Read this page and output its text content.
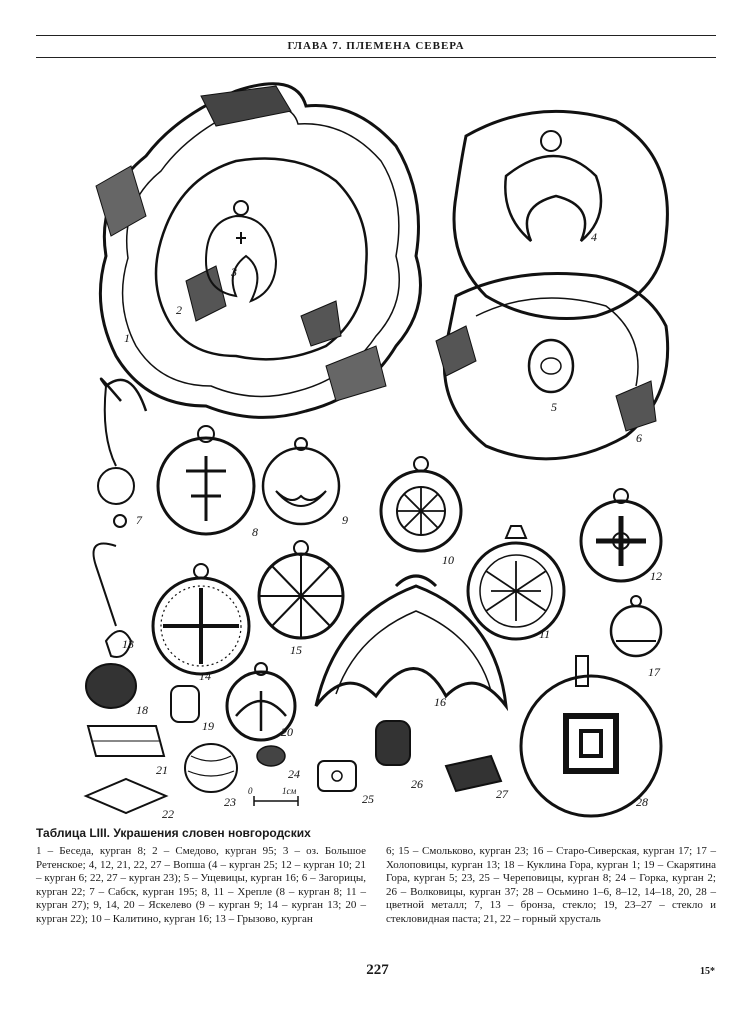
ГЛАВА 7. ПЛЕМЕНА СЕВЕРА
0	1см
1
2
3
4
5
6
7
8
9
10
11
12
13
14
15
16
17
18
19	20
21
22
23
24
25
26
27
28
Таблица LIII. Украшения словен новгородских
1 – Беседа, курган 8; 2 – Смедово, курган 95; 3 – оз. Большое Ретенское; 4, 12, 21, 22, 27 – Вопша (4 – курган 25; 12 – курган 10; 21 – курган 6; 22, 27 – курган 23); 5 – Ущевицы, курган 16; 6 – Загорицы, курган 22; 7 – Сабск, курган 195; 8, 11 – Хрепле (8 – курган 8; 11 – курган 27); 9, 14, 20 – Яскелево (9 – курган 9; 14 – курган 13; 20 – курган 22); 10 – Калитино, курган 16; 13 – Грызово, курган
6; 15 – Смольково, курган 23; 16 – Старо-Сиверская, курган 17; 17 – Холоповицы, курган 13; 18 – Куклина Гора, курган 1; 19 – Скарятина Гора, курган 5; 23, 25 – Череповицы, курган 8; 24 – Горка, курган 2; 26 – Волковицы, курган 37; 28 – Осьмино 1–6, 8–12, 14–18, 20, 28 – цветной металл; 7, 13 – бронза, стекло; 19, 23–27 – стекло и стекловидная паста; 21, 22 – горный хрусталь
227	15*
